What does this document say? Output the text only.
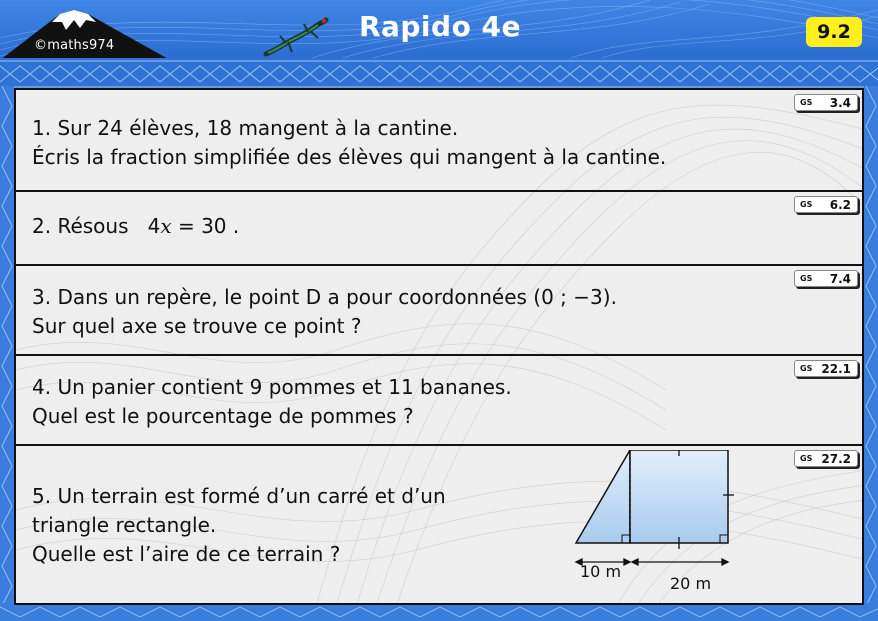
©maths974
Rapido 4e	9.2
1. Sur 24 élèves, 18 mangent à la cantine.
Écris la fraction simplifiée des élèves qui mangent à la cantine.
GS 3.4
2. Résous 4x = 30 .
GS 6.2
3. Dans un repère, le point D a pour coordonnées (0 ; −3).
Sur quel axe se trouve ce point ?
GS 7.4
4. Un panier contient 9 pommes et 11 bananes.
Quel est le pourcentage de pommes ?
GS 22.1
5. Un terrain est formé d’un carré et d’un
triangle rectangle.
Quelle est l’aire de ce terrain ?
10 m
20 m
GS 27.2
